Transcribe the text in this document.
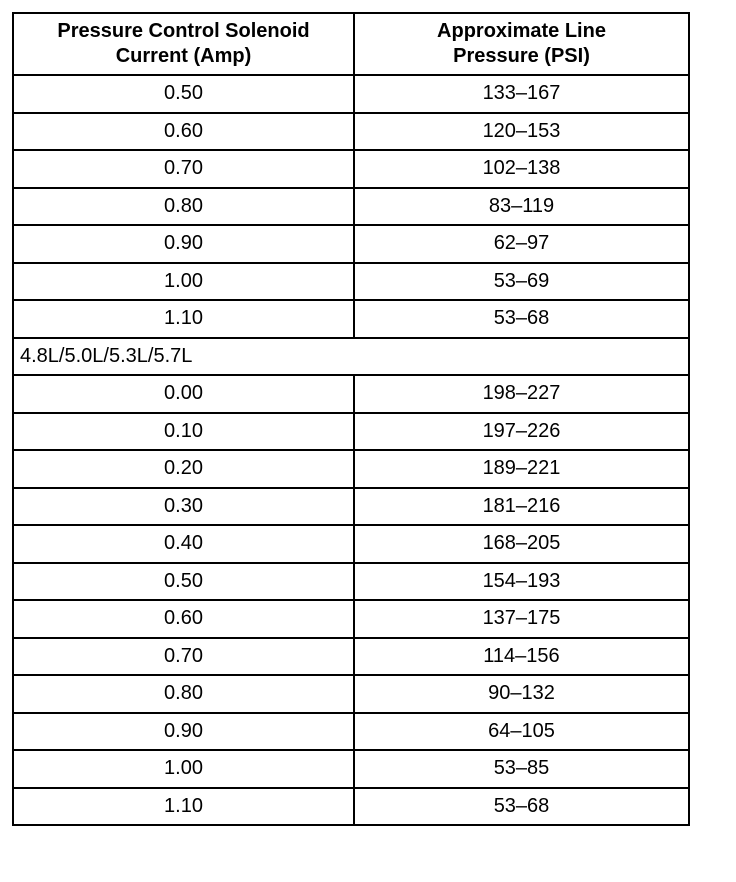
Pressure Control Solenoid
Current (Amp)	Approximate Line
Pressure (PSI)

0.50	133–167
0.60	120–153
0.70	102–138
0.80	83–119
0.90	62–97
1.00	53–69
1.10	53–68
4.8L/5.0L/5.3L/5.7L	
0.00	198–227
0.10	197–226
0.20	189–221
0.30	181–216
0.40	168–205
0.50	154–193
0.60	137–175
0.70	114–156
0.80	90–132
0.90	64–105
1.00	53–85
1.10	53–68
